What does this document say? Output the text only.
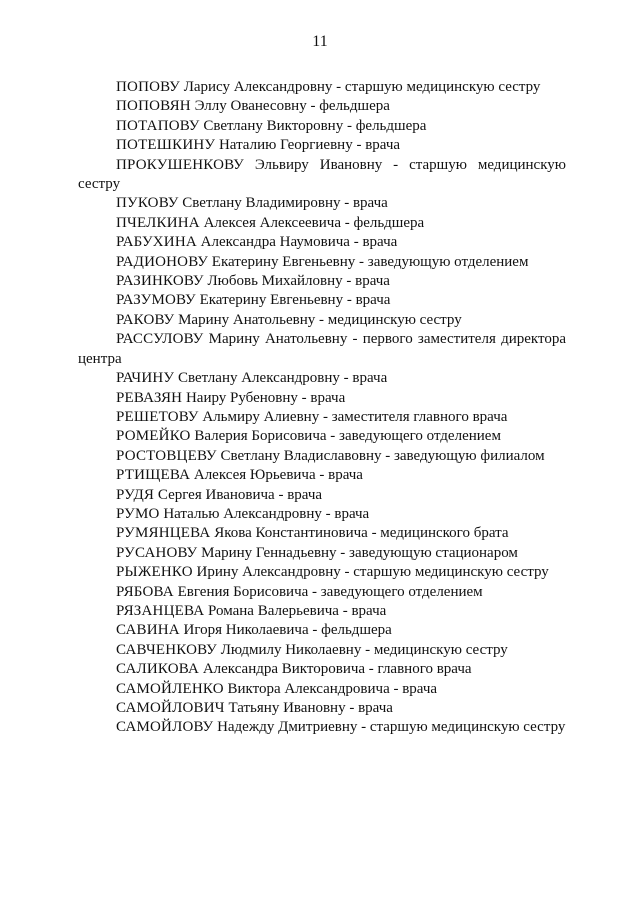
11

ПОПОВУ Ларису Александровну - старшую медицинскую сестру

ПОПОВЯН Эллу Ованесовну - фельдшера

ПОТАПОВУ Светлану Викторовну - фельдшера

ПОТЕШКИНУ Наталию Георгиевну - врача

ПРОКУШЕНКОВУ Эльвиру Ивановну - старшую медицинскую сестру

ПУКОВУ Светлану Владимировну - врача

ПЧЕЛКИНА Алексея Алексеевича - фельдшера

РАБУХИНА Александра Наумовича - врача

РАДИОНОВУ Екатерину Евгеньевну - заведующую отделением

РАЗИНКОВУ Любовь Михайловну - врача

РАЗУМОВУ Екатерину Евгеньевну - врача

РАКОВУ Марину Анатольевну - медицинскую сестру

РАССУЛОВУ Марину Анатольевну - первого заместителя директора центра

РАЧИНУ Светлану Александровну - врача

РЕВАЗЯН Наиру Рубеновну - врача

РЕШЕТОВУ Альмиру Алиевну - заместителя главного врача

РОМЕЙКО Валерия Борисовича - заведующего отделением

РОСТОВЦЕВУ Светлану Владиславовну - заведующую филиалом

РТИЩЕВА Алексея Юрьевича - врача

РУДЯ Сергея Ивановича - врача

РУМО Наталью Александровну - врача

РУМЯНЦЕВА Якова Константиновича - медицинского брата

РУСАНОВУ Марину Геннадьевну - заведующую стационаром

РЫЖЕНКО Ирину Александровну - старшую медицинскую сестру

РЯБОВА Евгения Борисовича - заведующего отделением

РЯЗАНЦЕВА Романа Валерьевича - врача

САВИНА Игоря Николаевича - фельдшера

САВЧЕНКОВУ Людмилу Николаевну - медицинскую сестру

САЛИКОВА Александра Викторовича - главного врача

САМОЙЛЕНКО Виктора Александровича - врача

САМОЙЛОВИЧ Татьяну Ивановну - врача

САМОЙЛОВУ Надежду Дмитриевну - старшую медицинскую сестру
